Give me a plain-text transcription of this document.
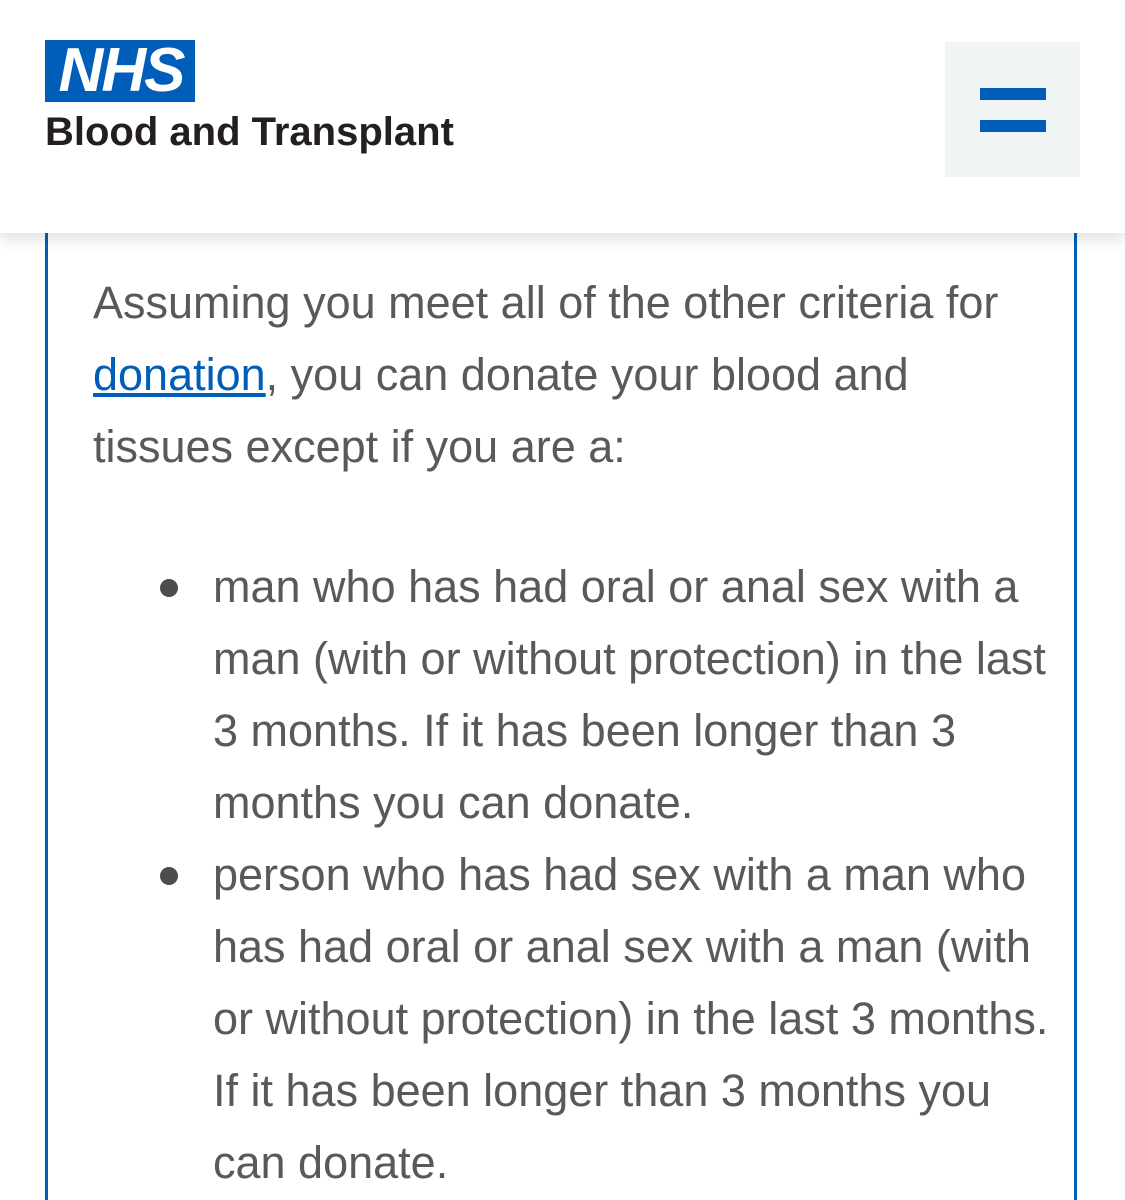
NHS
Blood and Transplant
Assuming you meet all of the other criteria for donation, you can donate your blood and tissues except if you are a:
man who has had oral or anal sex with a man (with or without protection) in the last 3 months. If it has been longer than 3 months you can donate.
person who has had sex with a man who has had oral or anal sex with a man (with or without protection) in the last 3 months. If it has been longer than 3 months you can donate.
